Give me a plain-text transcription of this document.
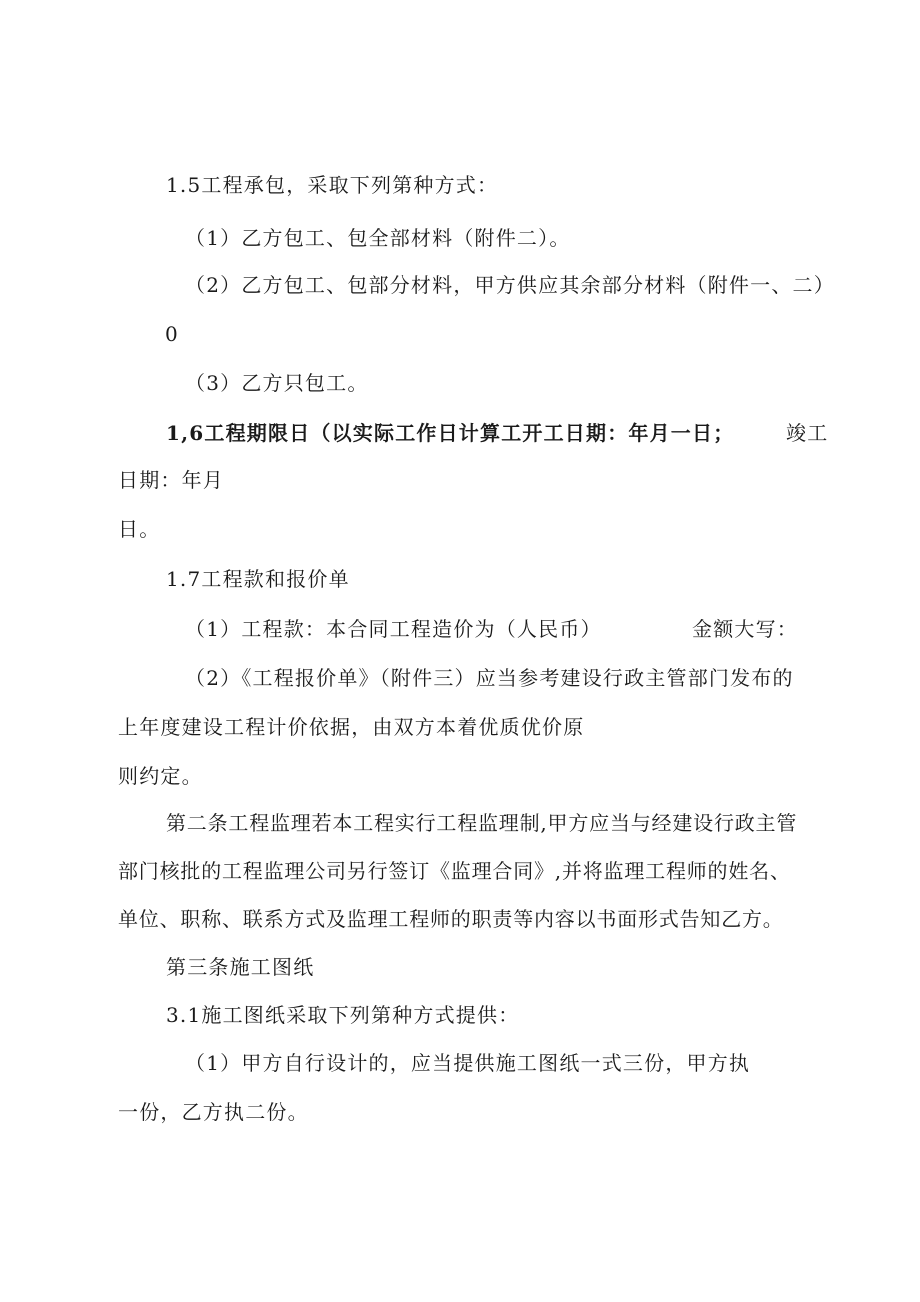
1.5工程承包，采取下列第种方式：
（1）乙方包工、包全部材料（附件二）。
（2）乙方包工、包部分材料，甲方供应其余部分材料（附件一、二）
0
（3）乙方只包工。
1,6工程期限日（以实际工作日计算工开工日期：年月一日；	竣工
日期：年月
日。
1.7工程款和报价单
（1）工程款：本合同工程造价为（人民币）	金额大写：
（2）《工程报价单》（附件三）应当参考建设行政主管部门发布的
上年度建设工程计价依据，由双方本着优质优价原
则约定。
第二条工程监理若本工程实行工程监理制,甲方应当与经建设行政主管
部门核批的工程监理公司另行签订《监理合同》,并将监理工程师的姓名、
单位、职称、联系方式及监理工程师的职责等内容以书面形式告知乙方。
第三条施工图纸
3.1施工图纸采取下列第种方式提供：
（1）甲方自行设计的，应当提供施工图纸一式三份，甲方执
一份，乙方执二份。
